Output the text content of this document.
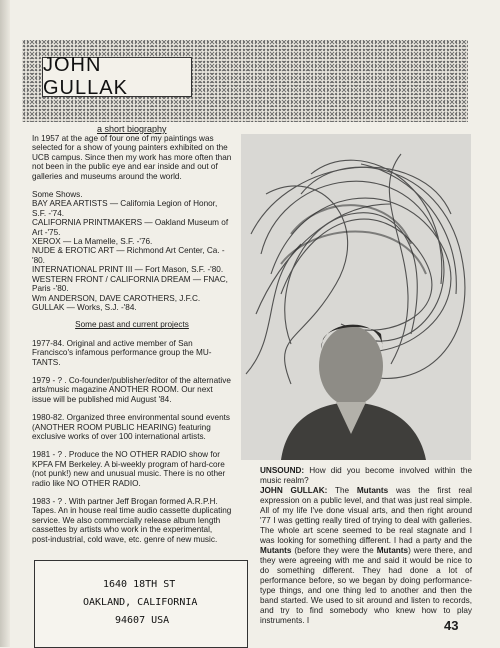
JOHN GULLAK
a short biography

In 1957 at the age of four one of my paintings was selected for a show of young painters exhibited on the UCB campus. Since then my work has more often than not been in the public eye and ear inside and out of galleries and museums around the world.

Some Shows.

BAY AREA ARTISTS — California Legion of Honor, S.F. -'74.

CALIFORNIA PRINTMAKERS — Oakland Museum of Art -'75.

XEROX — La Mamelle, S.F. -'76.

NUDE & EROTIC ART — Richmond Art Center, Ca. -'80.

INTERNATIONAL PRINT III — Fort Mason, S.F. -'80.

WESTERN FRONT / CALIFORNIA DREAM — FNAC, Paris -'80.

Wm ANDERSON, DAVE CAROTHERS, J.F.C. GULLAK — Works, S.J. -'84.

Some past and current projects

1977-84. Original and active member of San Francisco's infamous performance group the MU-TANTS.

1979 - ? . Co-founder/publisher/editor of the alternative arts/music magazine ANOTHER ROOM. Our next issue will be published mid August '84.

1980-82. Organized three environmental sound events (ANOTHER ROOM PUBLIC HEARING) featuring exclusive works of over 100 international artists.

1981 - ? . Produce the NO OTHER RADIO show for KPFA FM Berkeley. A bi-weekly program of hard-core (not punk!) new and unusual music. There is no other radio like NO OTHER RADIO.

1983 - ? . With partner Jeff Brogan formed A.R.P.H. Tapes. An in house real time audio cassette duplicating service. We also commercially release album length cassettes by artists who work in the experimental, post-industrial, cold wave, etc. genre of new music.

1640 18TH ST
OAKLAND, CALIFORNIA
94607 USA

UNSOUND: How did you become involved within the music realm?

JOHN GULLAK: The Mutants was the first real expression on a public level, and that was just real simple. All of my life I've done visual arts, and then right around '77 I was getting really tired of trying to deal with galleries. The whole art scene seemed to be real stagnate and I was looking for something different. I had a party and the Mutants (before they were the Mutants) were there, and they were agreeing with me and said it would be nice to do something different. They had done a lot of performance before, so we began by doing performance-type things, and one thing led to another and then the band started. We used to sit around and listen to records, and try to find somebody who knew how to play instruments. I	43
